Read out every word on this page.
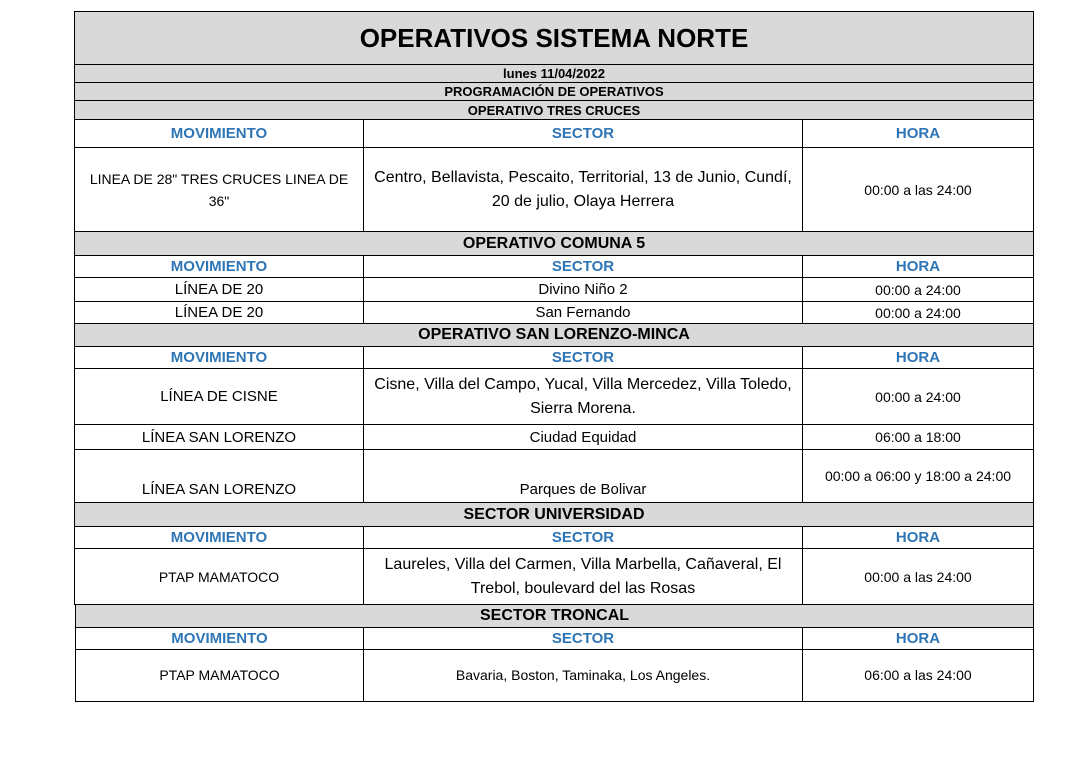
OPERATIVOS SISTEMA NORTE		
lunes 11/04/2022		
PROGRAMACIÓN DE OPERATIVOS		
OPERATIVO TRES CRUCES		
MOVIMIENTO	SECTOR	HORA
LINEA DE 28" TRES CRUCES LINEA DE 36"	Centro, Bellavista, Pescaito, Territorial, 13 de Junio, Cundí, 20 de julio, Olaya Herrera	00:00 a las 24:00
OPERATIVO COMUNA 5		
MOVIMIENTO	SECTOR	HORA
LÍNEA DE 20	Divino Niño 2	00:00 a 24:00
LÍNEA DE 20	San Fernando	00:00 a 24:00
OPERATIVO SAN LORENZO-MINCA		
MOVIMIENTO	SECTOR	HORA
LÍNEA DE CISNE	Cisne, Villa del Campo, Yucal, Villa Mercedez, Villa Toledo, Sierra Morena.	00:00 a 24:00
LÍNEA SAN LORENZO	Ciudad Equidad	06:00 a 18:00
LÍNEA SAN LORENZO	Parques de Bolivar	00:00 a 06:00 y 18:00 a 24:00
SECTOR UNIVERSIDAD		
MOVIMIENTO	SECTOR	HORA
PTAP MAMATOCO	Laureles, Villa del Carmen, Villa Marbella, Cañaveral, El Trebol, boulevard del las Rosas	00:00 a las 24:00
SECTOR TRONCAL		
MOVIMIENTO	SECTOR	HORA
PTAP MAMATOCO	Bavaria, Boston, Taminaka, Los Angeles.	06:00 a las 24:00
